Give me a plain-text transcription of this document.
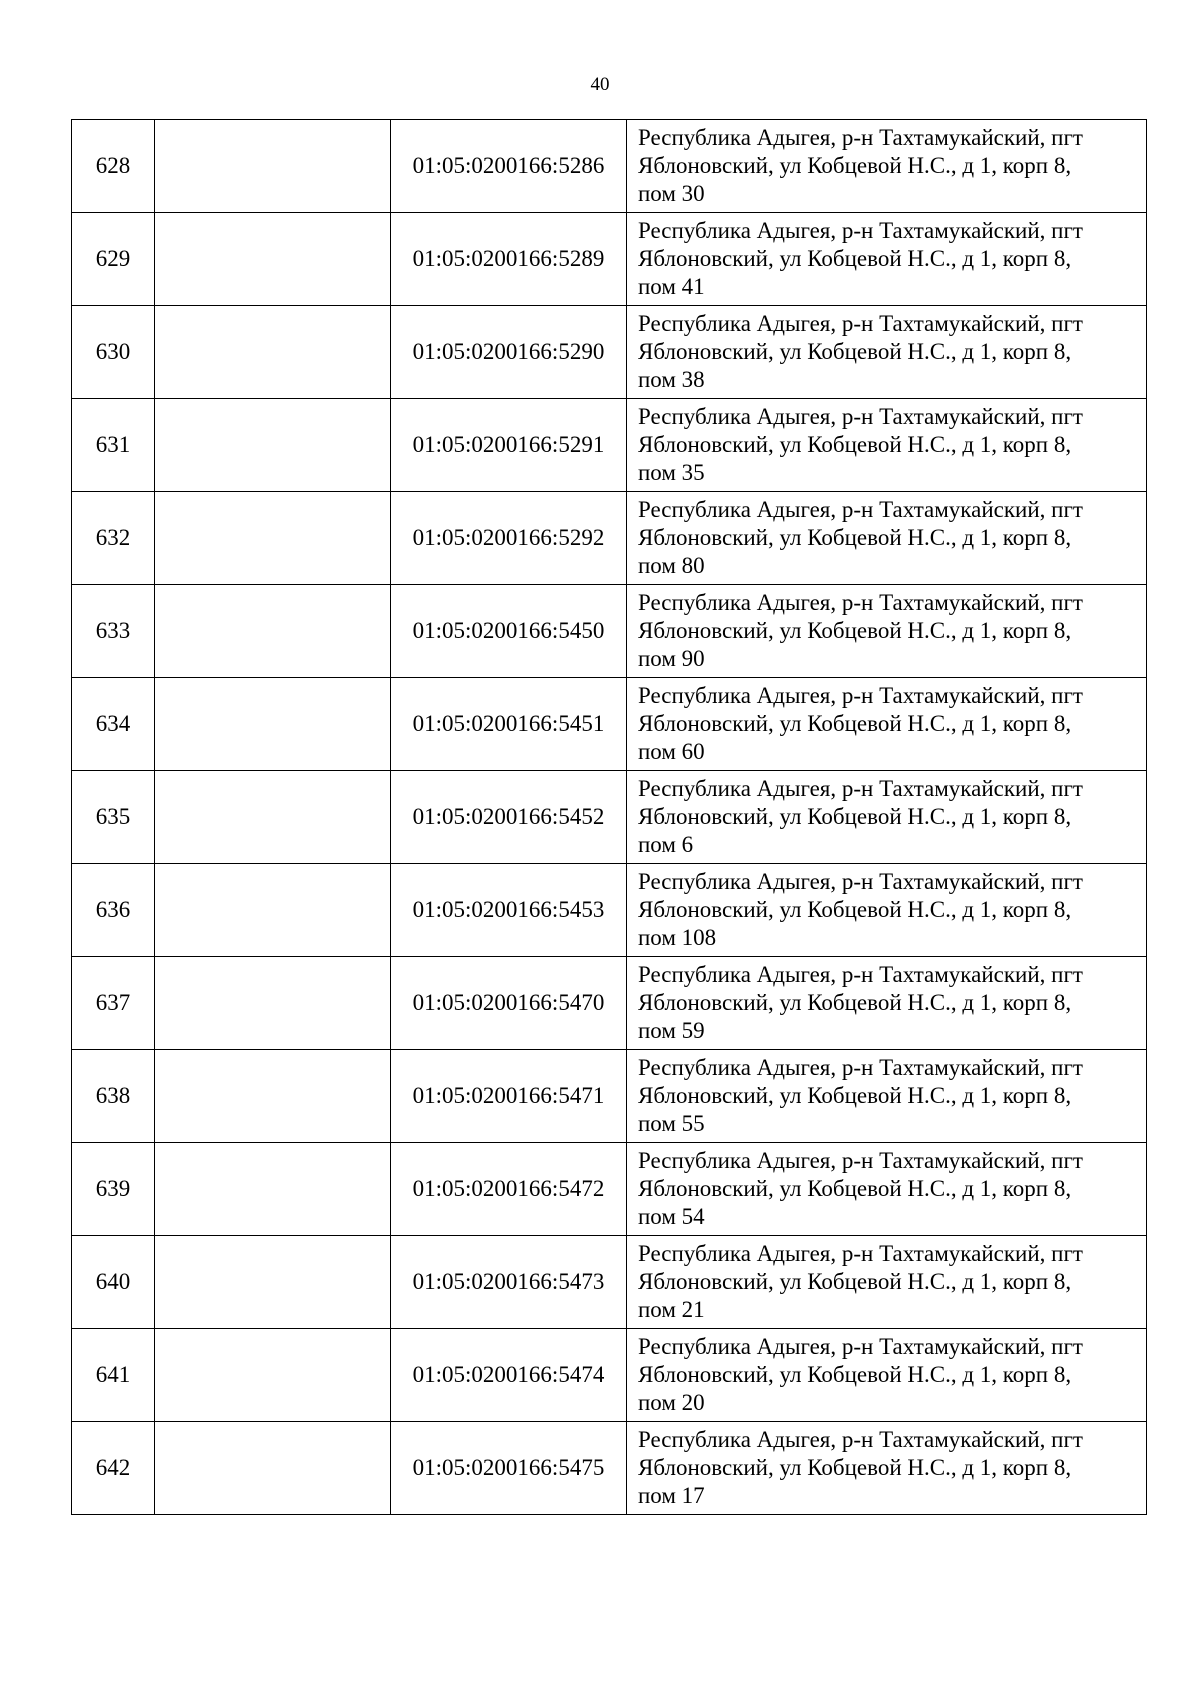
40
628		01:05:0200166:5286	Республика Адыгея, р-н Тахтамукайский, пгт
Яблоновский, ул Кобцевой Н.С., д 1, корп 8,
пом 30

629		01:05:0200166:5289	Республика Адыгея, р-н Тахтамукайский, пгт
Яблоновский, ул Кобцевой Н.С., д 1, корп 8,
пом 41

630		01:05:0200166:5290	Республика Адыгея, р-н Тахтамукайский, пгт
Яблоновский, ул Кобцевой Н.С., д 1, корп 8,
пом 38

631		01:05:0200166:5291	Республика Адыгея, р-н Тахтамукайский, пгт
Яблоновский, ул Кобцевой Н.С., д 1, корп 8,
пом 35

632		01:05:0200166:5292	Республика Адыгея, р-н Тахтамукайский, пгт
Яблоновский, ул Кобцевой Н.С., д 1, корп 8,
пом 80

633		01:05:0200166:5450	Республика Адыгея, р-н Тахтамукайский, пгт
Яблоновский, ул Кобцевой Н.С., д 1, корп 8,
пом 90

634		01:05:0200166:5451	Республика Адыгея, р-н Тахтамукайский, пгт
Яблоновский, ул Кобцевой Н.С., д 1, корп 8,
пом 60

635		01:05:0200166:5452	Республика Адыгея, р-н Тахтамукайский, пгт
Яблоновский, ул Кобцевой Н.С., д 1, корп 8,
пом 6

636		01:05:0200166:5453	Республика Адыгея, р-н Тахтамукайский, пгт
Яблоновский, ул Кобцевой Н.С., д 1, корп 8,
пом 108

637		01:05:0200166:5470	Республика Адыгея, р-н Тахтамукайский, пгт
Яблоновский, ул Кобцевой Н.С., д 1, корп 8,
пом 59

638		01:05:0200166:5471	Республика Адыгея, р-н Тахтамукайский, пгт
Яблоновский, ул Кобцевой Н.С., д 1, корп 8,
пом 55

639		01:05:0200166:5472	Республика Адыгея, р-н Тахтамукайский, пгт
Яблоновский, ул Кобцевой Н.С., д 1, корп 8,
пом 54

640		01:05:0200166:5473	Республика Адыгея, р-н Тахтамукайский, пгт
Яблоновский, ул Кобцевой Н.С., д 1, корп 8,
пом 21

641		01:05:0200166:5474	Республика Адыгея, р-н Тахтамукайский, пгт
Яблоновский, ул Кобцевой Н.С., д 1, корп 8,
пом 20

642		01:05:0200166:5475	Республика Адыгея, р-н Тахтамукайский, пгт
Яблоновский, ул Кобцевой Н.С., д 1, корп 8,
пом 17
